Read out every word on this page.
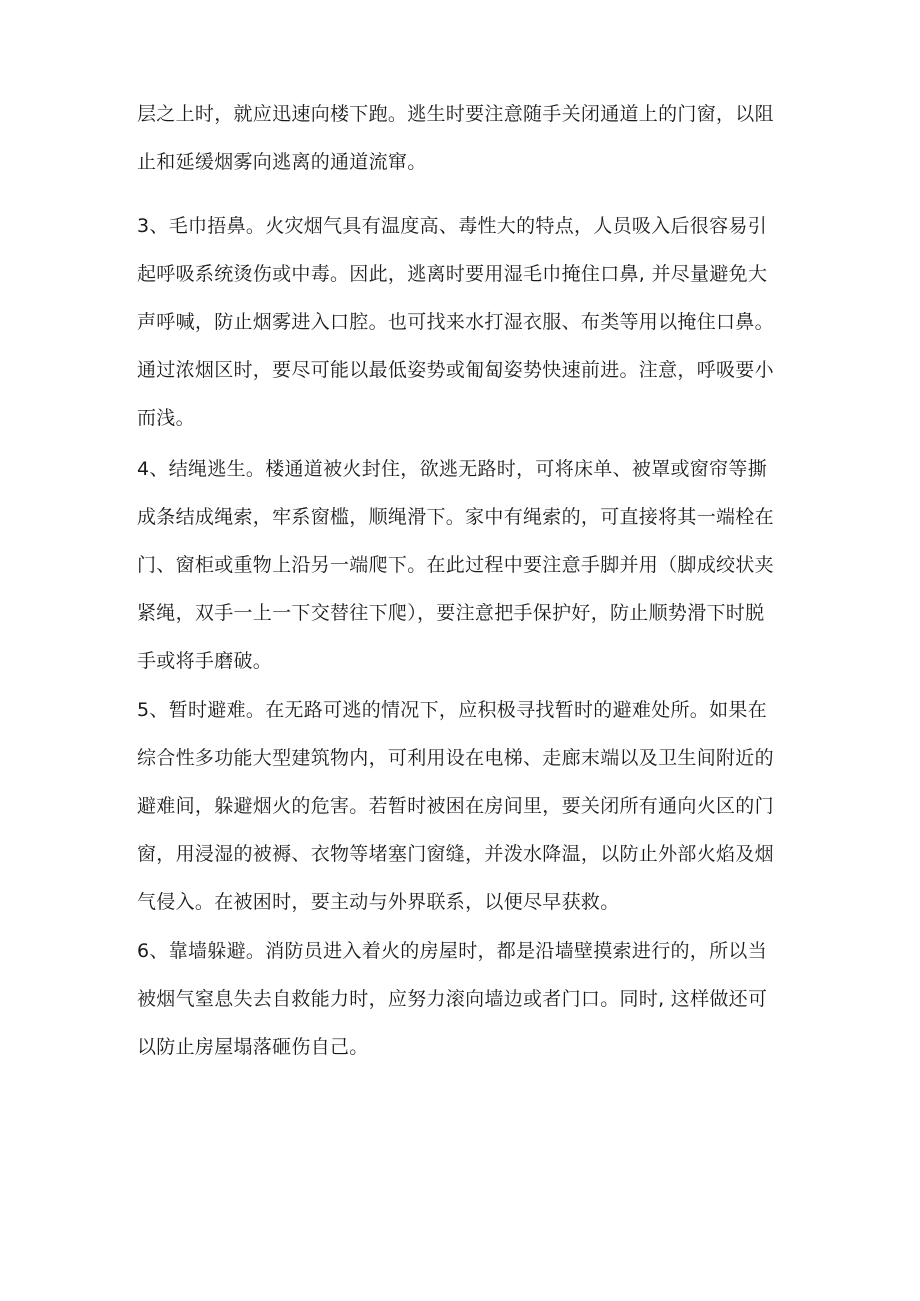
层之上时，就应迅速向楼下跑。逃生时要注意随手关闭通道上的门窗，以阻
止和延缓烟雾向逃离的通道流窜。
3、毛巾捂鼻。火灾烟气具有温度高、毒性大的特点，人员吸入后很容易引
起呼吸系统烫伤或中毒。因此，逃离时要用湿毛巾掩住口鼻, 并尽量避免大
声呼喊，防止烟雾进入口腔。也可找来水打湿衣服、布类等用以掩住口鼻。
通过浓烟区时，要尽可能以最低姿势或匍匐姿势快速前进。注意，呼吸要小
而浅。
4、结绳逃生。楼通道被火封住，欲逃无路时，可将床单、被罩或窗帘等撕
成条结成绳索，牢系窗槛，顺绳滑下。家中有绳索的，可直接将其一端栓在
门、窗柜或重物上沿另一端爬下。在此过程中要注意手脚并用（脚成绞状夹
紧绳，双手一上一下交替往下爬），要注意把手保护好，防止顺势滑下时脱
手或将手磨破。
5、暂时避难。在无路可逃的情况下，应积极寻找暂时的避难处所。如果在
综合性多功能大型建筑物内，可利用设在电梯、走廊末端以及卫生间附近的
避难间，躲避烟火的危害。若暂时被困在房间里，要关闭所有通向火区的门
窗，用浸湿的被褥、衣物等堵塞门窗缝，并泼水降温，以防止外部火焰及烟
气侵入。在被困时，要主动与外界联系，以便尽早获救。
6、靠墙躲避。消防员进入着火的房屋时，都是沿墙壁摸索进行的，所以当
被烟气窒息失去自救能力时，应努力滚向墙边或者门口。同时, 这样做还可
以防止房屋塌落砸伤自己。
